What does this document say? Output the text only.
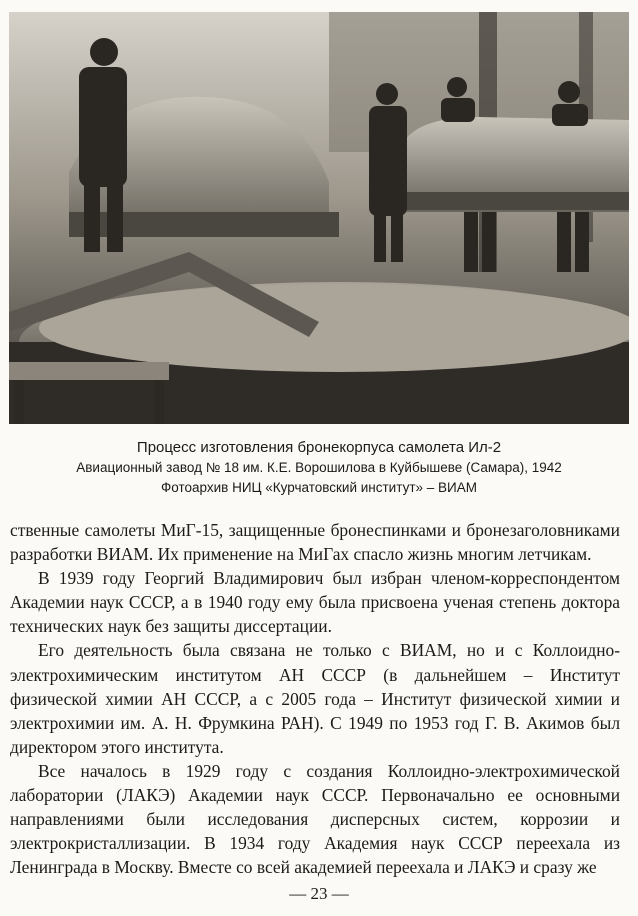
Процесс изготовления бронекорпуса самолета Ил-2
Авиационный завод № 18 им. К.Е. Ворошилова в Куйбышеве (Самара), 1942
Фотоархив НИЦ «Курчатовский институт» – ВИАМ

ственные самолеты МиГ-15, защищенные бронеспинками и бронезаголовниками разработки ВИАМ. Их применение на МиГах спасло жизнь многим летчикам.

В 1939 году Георгий Владимирович был избран членом-корреспондентом Академии наук СССР, а в 1940 году ему была присвоена ученая степень доктора технических наук без защиты диссертации.

Его деятельность была связана не только с ВИАМ, но и с Коллоидно-электрохимическим институтом АН СССР (в дальнейшем – Институт физической химии АН СССР, а с 2005 года – Институт физической химии и электрохимии им. А. Н. Фрумкина РАН). С 1949 по 1953 год Г. В. Акимов был директором этого института.

Все началось в 1929 году с создания Коллоидно-электрохимической лаборатории (ЛАКЭ) Академии наук СССР. Первоначально ее основными направлениями были исследования дисперсных систем, коррозии и электрокристаллизации. В 1934 году Академия наук СССР переехала из Ленинграда в Москву. Вместе со всей академией переехала и ЛАКЭ и сразу же

— 23 —
